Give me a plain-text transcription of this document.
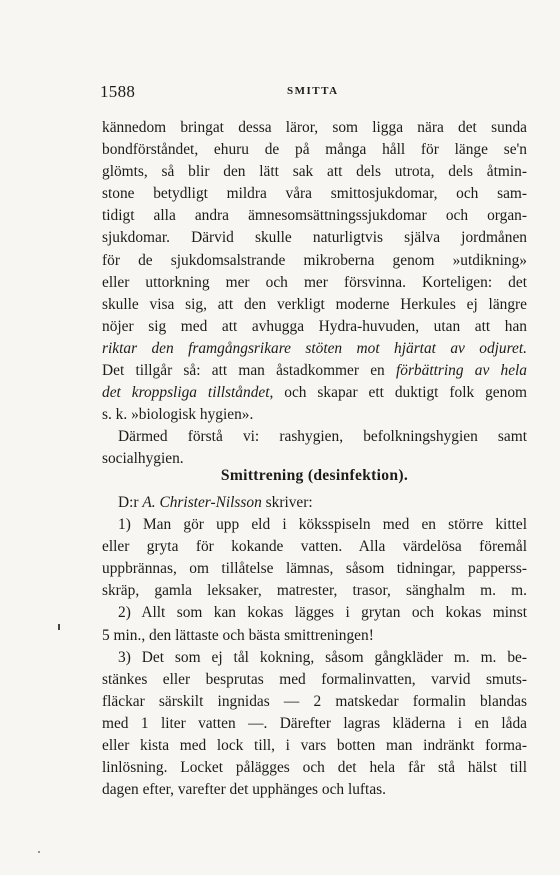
1588	SMITTA
kännedom bringat dessa läror, som ligga nära det sunda
bondförståndet, ehuru de på många håll för länge se'n
glömts, så blir den lätt sak att dels utrota, dels åtmin-
stone betydligt mildra våra smittosjukdomar, och sam-
tidigt alla andra ämnesomsättningssjukdomar och organ-
sjukdomar. Därvid skulle naturligtvis själva jordmånen
för de sjukdomsalstrande mikroberna genom »utdikning»
eller uttorkning mer och mer försvinna. Korteligen: det
skulle visa sig, att den verkligt moderne Herkules ej längre
nöjer sig med att avhugga Hydra-huvuden, utan att han
riktar den framgångsrikare stöten mot hjärtat av odjuret.
Det tillgår så: att man åstadkommer en förbättring av hela
det kroppsliga tillståndet, och skapar ett duktigt folk genom
s. k. »biologisk hygien».
Därmed förstå vi: rashygien, befolkningshygien samt
socialhygien.
Smittrening (desinfektion).
D:r A. Christer-Nilsson skriver:
1) Man gör upp eld i köksspiseln med en större kittel
eller gryta för kokande vatten. Alla värdelösa föremål
uppbrännas, om tillåtelse lämnas, såsom tidningar, papperss-
skräp, gamla leksaker, matrester, trasor, sänghalm m. m.
2) Allt som kan kokas lägges i grytan och kokas minst
5 min., den lättaste och bästa smittreningen!
3) Det som ej tål kokning, såsom gångkläder m. m. be-
stänkes eller besprutas med formalinvatten, varvid smuts-
fläckar särskilt ingnidas — 2 matskedar formalin blandas
med 1 liter vatten —. Därefter lagras kläderna i en låda
eller kista med lock till, i vars botten man indränkt forma-
linlösning. Locket pålägges och det hela får stå hälst till
dagen efter, varefter det upphänges och luftas.
